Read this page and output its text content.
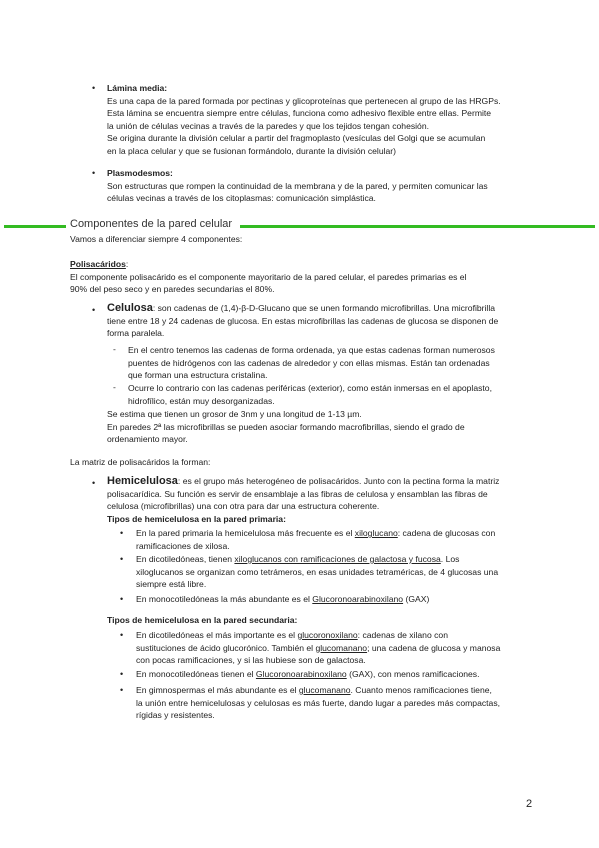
• Lámina media:
Es una capa de la pared formada por pectinas y glicoproteínas que pertenecen al grupo de las HRGPs.
Esta lámina se encuentra siempre entre células, funciona como adhesivo flexible entre ellas. Permite
la unión de células vecinas a través de la paredes y que los tejidos tengan cohesión.
Se origina durante la división celular a partir del fragmoplasto (vesículas del Golgi que se acumulan
en la placa celular y que se fusionan formándolo, durante la división celular)
• Plasmodesmos:
Son estructuras que rompen la continuidad de la membrana y de la pared, y permiten comunicar las
células vecinas a través de los citoplasmas: comunicación simplástica.
Componentes de la pared celular
Vamos a diferenciar siempre 4 componentes:
Polisacáridos:
El componente polisacárido es el componente mayoritario de la pared celular, el paredes primarias es el
90% del peso seco y en paredes secundarias el 80%.
• Celulosa: son cadenas de (1,4)-β-D-Glucano que se unen formando microfibrillas. Una microfibrilla
tiene entre 18 y 24 cadenas de glucosa. En estas microfibrillas las cadenas de glucosa se disponen de
forma paralela.
- En el centro tenemos las cadenas de forma ordenada, ya que estas cadenas forman numerosos
puentes de hidrógenos con las cadenas de alrededor y con ellas mismas. Están tan ordenadas
que forman una estructura cristalina.
- Ocurre lo contrario con las cadenas periféricas (exterior), como están inmersas en el apoplasto,
hidrofílico, están muy desorganizadas.
Se estima que tienen un grosor de 3nm y una longitud de 1-13 µm.
En paredes 2ª las microfibrillas se pueden asociar formando macrofibrillas, siendo el grado de
ordenamiento mayor.
La matriz de polisacáridos la forman:
• Hemicelulosa: es el grupo más heterogéneo de polisacáridos. Junto con la pectina forma la matriz
polisacarídica. Su función es servir de ensamblaje a las fibras de celulosa y ensamblan las fibras de
celulosa (microfibrillas) una con otra para dar una estructura coherente.
Tipos de hemicelulosa en la pared primaria:
• En la pared primaria la hemicelulosa más frecuente es el xiloglucano: cadena de glucosas con
ramificaciones de xilosa.
• En dicotiledóneas, tienen xiloglucanos con ramificaciones de galactosa y fucosa. Los
xiloglucanos se organizan como tetrámeros, en esas unidades tetraméricas, de 4 glucosas una
siempre está libre.
• En monocotiledóneas la más abundante es el Glucoronoarabinoxilano (GAX)
Tipos de hemicelulosa en la pared secundaria:
• En dicotiledóneas el más importante es el glucoronoxilano: cadenas de xilano con
sustituciones de ácido glucorónico. También el glucomanano; una cadena de glucosa y manosa
con pocas ramificaciones, y si las hubiese son de galactosa.
• En monocotiledóneas tienen el Glucoronoarabinoxilano (GAX), con menos ramificaciones.
• En gimnospermas el más abundante es el glucomanano. Cuanto menos ramificaciones tiene,
la unión entre hemicelulosas y celulosas es más fuerte, dando lugar a paredes más compactas,
rígidas y resistentes.
2
